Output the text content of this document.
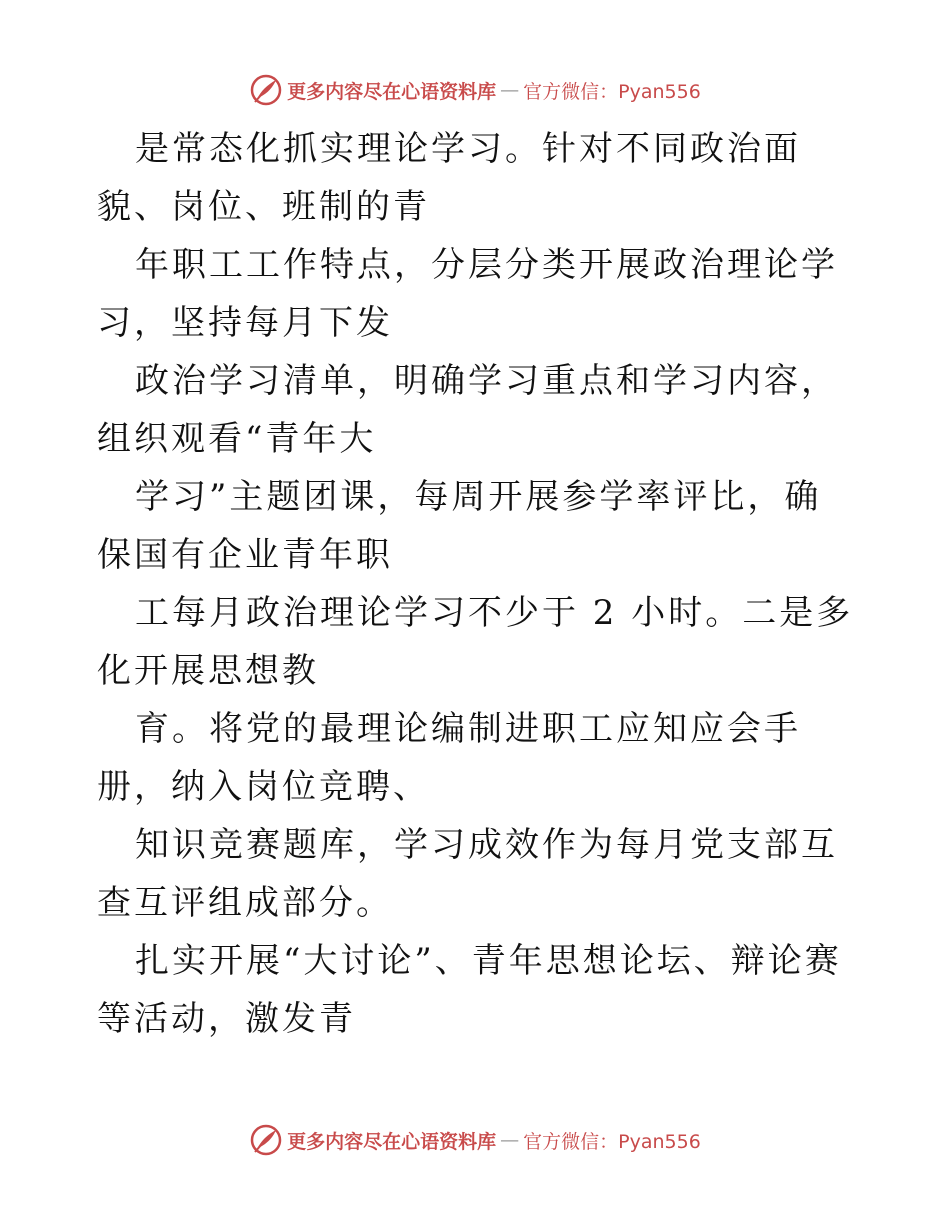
更多内容尽在心语资料库 — 官方微信：Pyan556

是常态化抓实理论学习。针对不同政治面貌、岗位、班制的青

年职工工作特点，分层分类开展政治理论学习，坚持每月下发

政治学习清单，明确学习重点和学习内容，组织观看“青年大

学习”主题团课，每周开展参学率评比，确保国有企业青年职

工每月政治理论学习不少于 2 小时。二是多化开展思想教

育。将党的最理论编制进职工应知应会手册，纳入岗位竞聘、

知识竞赛题库，学习成效作为每月党支部互查互评组成部分。

扎实开展“大讨论”、青年思想论坛、辩论赛等活动，激发青

更多内容尽在心语资料库 — 官方微信：Pyan556
